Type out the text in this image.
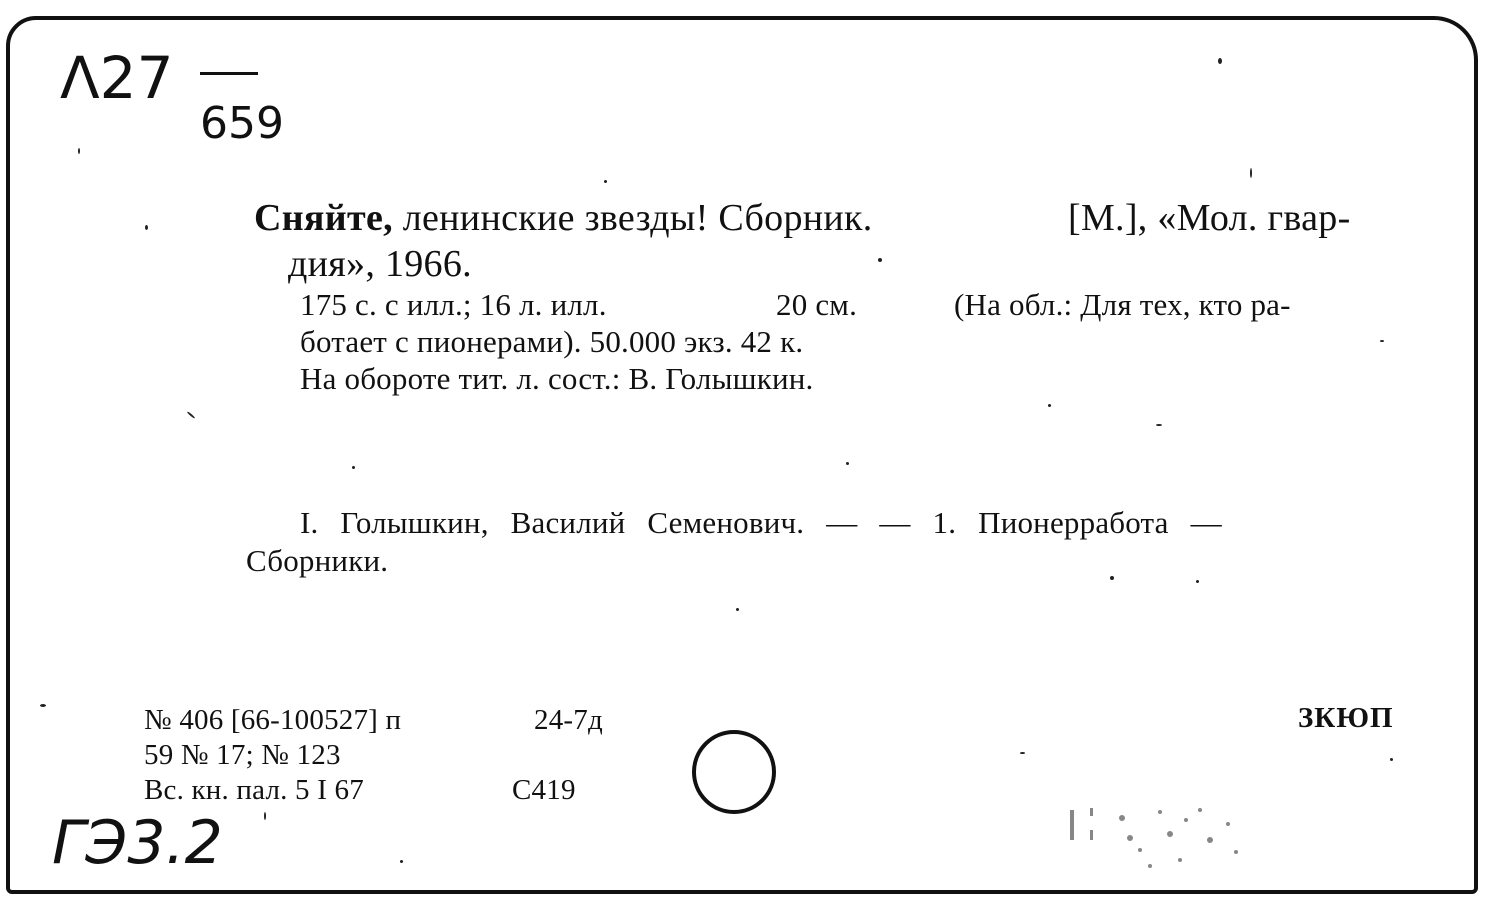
Λ27
659
Сняйте, ленинские звезды! Сборник.	[М.], «Мол. гвар-
дия», 1966.
175 с. с илл.; 16 л. илл.	20 см.	(На обл.: Для тех, кто ра-
ботает с пионерами). 50.000 экз. 42 к.
На обороте тит. л. сост.: В. Голышкин.
I. Голышкин, Василий Семенович. — — 1. Пионерработа —
Сборники.
№ 406 [66-100527] п	24-7д
59 № 17; № 123
Вс. кн. пал. 5 I 67	С419
ЗКЮП
ГЭ3.2
